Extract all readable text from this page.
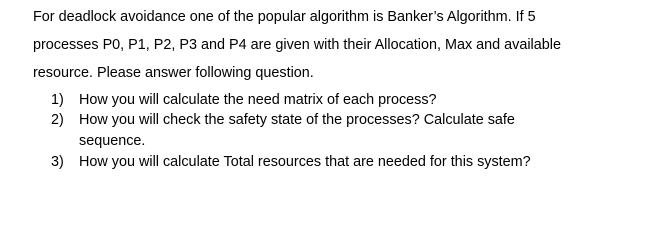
For deadlock avoidance one of the popular algorithm is Banker’s Algorithm. If 5
processes P0, P1, P2, P3 and P4 are given with their Allocation, Max and available
resource. Please answer following question.
1) How you will calculate the need matrix of each process?
2) How you will check the safety state of the processes? Calculate safe
sequence.
3) How you will calculate Total resources that are needed for this system?
